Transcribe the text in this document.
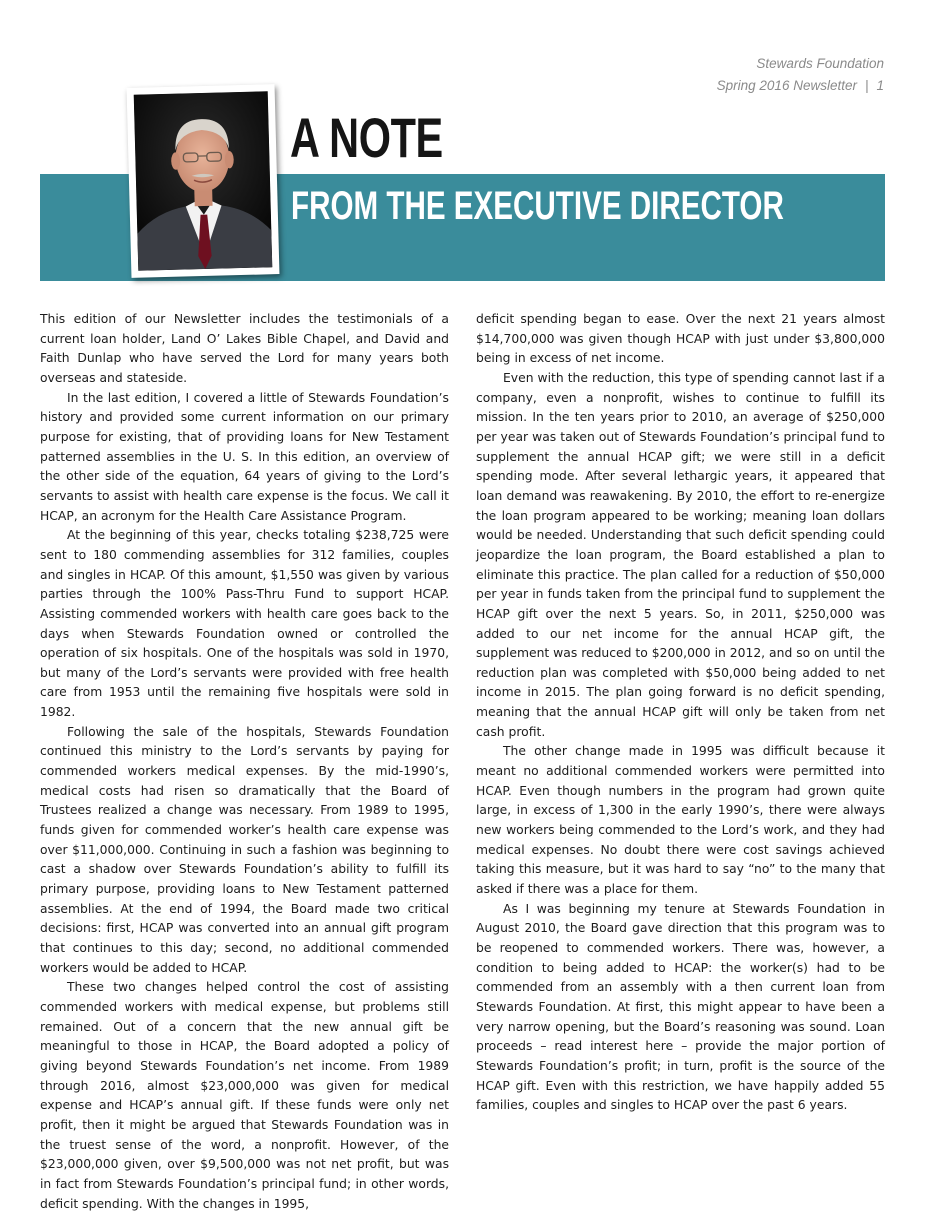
Stewards Foundation
Spring 2016 Newsletter | 1
A NOTE
FROM THE EXECUTIVE DIRECTOR

This edition of our Newsletter includes the testimonials of a current loan holder, Land O’ Lakes Bible Chapel, and David and Faith Dunlap who have served the Lord for many years both overseas and stateside.

In the last edition, I covered a little of Stewards Foundation’s history and provided some current information on our primary purpose for existing, that of providing loans for New Testament patterned assemblies in the U. S. In this edition, an overview of the other side of the equation, 64 years of giving to the Lord’s servants to assist with health care expense is the focus. We call it HCAP, an acronym for the Health Care Assistance Program.

At the beginning of this year, checks totaling $238,725 were sent to 180 commending assemblies for 312 families, couples and singles in HCAP. Of this amount, $1,550 was given by various parties through the 100% Pass-Thru Fund to support HCAP. Assisting commended workers with health care goes back to the days when Stewards Foundation owned or controlled the operation of six hospitals. One of the hospitals was sold in 1970, but many of the Lord’s servants were provided with free health care from 1953 until the remaining five hospitals were sold in 1982.

Following the sale of the hospitals, Stewards Foundation continued this ministry to the Lord’s servants by paying for commended workers medical expenses. By the mid-1990’s, medical costs had risen so dramatically that the Board of Trustees realized a change was necessary. From 1989 to 1995, funds given for commended worker’s health care expense was over $11,000,000. Continuing in such a fashion was beginning to cast a shadow over Stewards Foundation’s ability to fulfill its primary purpose, providing loans to New Testament patterned assemblies. At the end of 1994, the Board made two critical decisions: first, HCAP was converted into an annual gift program that continues to this day; second, no additional commended workers would be added to HCAP.

These two changes helped control the cost of assisting commended workers with medical expense, but problems still remained. Out of a concern that the new annual gift be meaningful to those in HCAP, the Board adopted a policy of giving beyond Stewards Foundation’s net income. From 1989 through 2016, almost $23,000,000 was given for medical expense and HCAP’s annual gift. If these funds were only net profit, then it might be argued that Stewards Foundation was in the truest sense of the word, a nonprofit. However, of the $23,000,000 given, over $9,500,000 was not net profit, but was in fact from Stewards Foundation’s principal fund; in other words, deficit spending. With the changes in 1995,

deficit spending began to ease. Over the next 21 years almost $14,700,000 was given though HCAP with just under $3,800,000 being in excess of net income.

Even with the reduction, this type of spending cannot last if a company, even a nonprofit, wishes to continue to fulfill its mission. In the ten years prior to 2010, an average of $250,000 per year was taken out of Stewards Foundation’s principal fund to supplement the annual HCAP gift; we were still in a deficit spending mode. After several lethargic years, it appeared that loan demand was reawakening. By 2010, the effort to re-energize the loan program appeared to be working; meaning loan dollars would be needed. Understanding that such deficit spending could jeopardize the loan program, the Board established a plan to eliminate this practice. The plan called for a reduction of $50,000 per year in funds taken from the principal fund to supplement the HCAP gift over the next 5 years. So, in 2011, $250,000 was added to our net income for the annual HCAP gift, the supplement was reduced to $200,000 in 2012, and so on until the reduction plan was completed with $50,000 being added to net income in 2015. The plan going forward is no deficit spending, meaning that the annual HCAP gift will only be taken from net cash profit.

The other change made in 1995 was difficult because it meant no additional commended workers were permitted into HCAP. Even though numbers in the program had grown quite large, in excess of 1,300 in the early 1990’s, there were always new workers being commended to the Lord’s work, and they had medical expenses. No doubt there were cost savings achieved taking this measure, but it was hard to say “no” to the many that asked if there was a place for them.

As I was beginning my tenure at Stewards Foundation in August 2010, the Board gave direction that this program was to be reopened to commended workers. There was, however, a condition to being added to HCAP: the worker(s) had to be commended from an assembly with a then current loan from Stewards Foundation. At first, this might appear to have been a very narrow opening, but the Board’s reasoning was sound. Loan proceeds – read interest here – provide the major portion of Stewards Foundation’s profit; in turn, profit is the source of the HCAP gift. Even with this restriction, we have happily added 55 families, couples and singles to HCAP over the past 6 years.
